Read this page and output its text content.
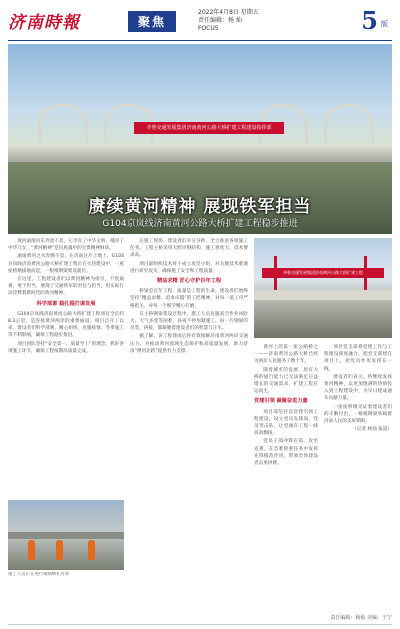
济南時報	聚焦
2022年4月8日 星期五
责任编辑：杨 灿
FOCUS	5 版
齐鲁交通发展集团济南黄河公路大桥扩建工程建设指挥部
赓续黄河精神 展现铁军担当
G104京岚线济南黄河公路大桥扩建工程稳步推进

黄河滚滚向东奔流不息，它孕育了中华文明，哺育了中华儿女，“黄河精神”是民族魂中的宝贵精神财富。

滚滚黄河之水奔腾不息，在济南这片土地上，G104京岚线济南黄河公路大桥扩建工程正在火热建设中，一座座桥墩拔地而起，一根根钢梁架设就位。

在这里，工程建设者们以黄河精神为指引，不畏艰难、勇于担当，展现了交通铁军的责任与担当，用实际行动诠释着新时代的黄河精神。

科学部署 稳扎稳打谋发展

G104京岚线济南黄河公路大桥扩建工程项目全长约8.3公里，是连接黄河两岸的重要通道。项目自开工以来，建设者们科学部署、精心组织，克服疫情、冬季施工等不利影响，确保工程稳步推进。

项目团队坚持“安全第一、质量至上”的理念，抓好各项施工环节，确保工程按期高质量完成。

施工人员正在进行钢筋绑扎作业

在施工现场，建设者们争分夺秒，全力推进各项施工任务。工程主桥采用大跨径钢结构，施工难度大、技术要求高。

项目部组织技术骨干成立攻坚小组，对关键技术难题进行研究攻关，确保施工安全和工程质量。

精益求精 匠心守护百年工程

桥梁是百年工程，质量是工程的生命。建设者们始终坚持“精益求精、追求卓越”的工匠精神，对每一道工序严格把关，对每一个细节精心打磨。

在主桥钢梁架设过程中，施工人员克服高空作业风险大、天气多变等困难，昼夜不停加紧施工。每一片钢梁的吊装、拼接，都凝聚着建设者们的智慧与汗水。

据了解，该工程建成后将有效缓解济南黄河两岸交通压力，为推动黄河流域生态保护和高质量发展、助力济南“携河北跨”提供有力支撑。

齐鲁交通发展集团济南黄河公路大桥扩建工程

黄河上的第一座公路桥之一——济南黄河公路大桥已经为两岸人民服务了数十年。

随着城市的发展，原有大桥的通行能力已无法满足日益增长的交通需求，扩建工程应运而生。

党建引领 凝聚奋进力量

项目部坚持以党建引领工程建设，设立党员先锋岗、党员突击队，让党旗在工程一线高高飘扬。

党员干部冲锋在前、攻坚克难，在急难险重任务中发挥先锋模范作用，带领全体建设者奋勇拼搏。

项目党支部将党建工作与工程建设深度融合，把党支部建在项目上，把党员作用发挥在一线。

建设者们表示，将继续发扬黄河精神，以更加饱满的热情投入到工程建设中，为早日建成通车贡献力量。

一座座桥墩见证着建设者们的辛勤付出，一根根钢梁承载着济南人民的美好期盼。

（记者 杨灿 报道）

责任编辑：杨灿 美编：王宁
